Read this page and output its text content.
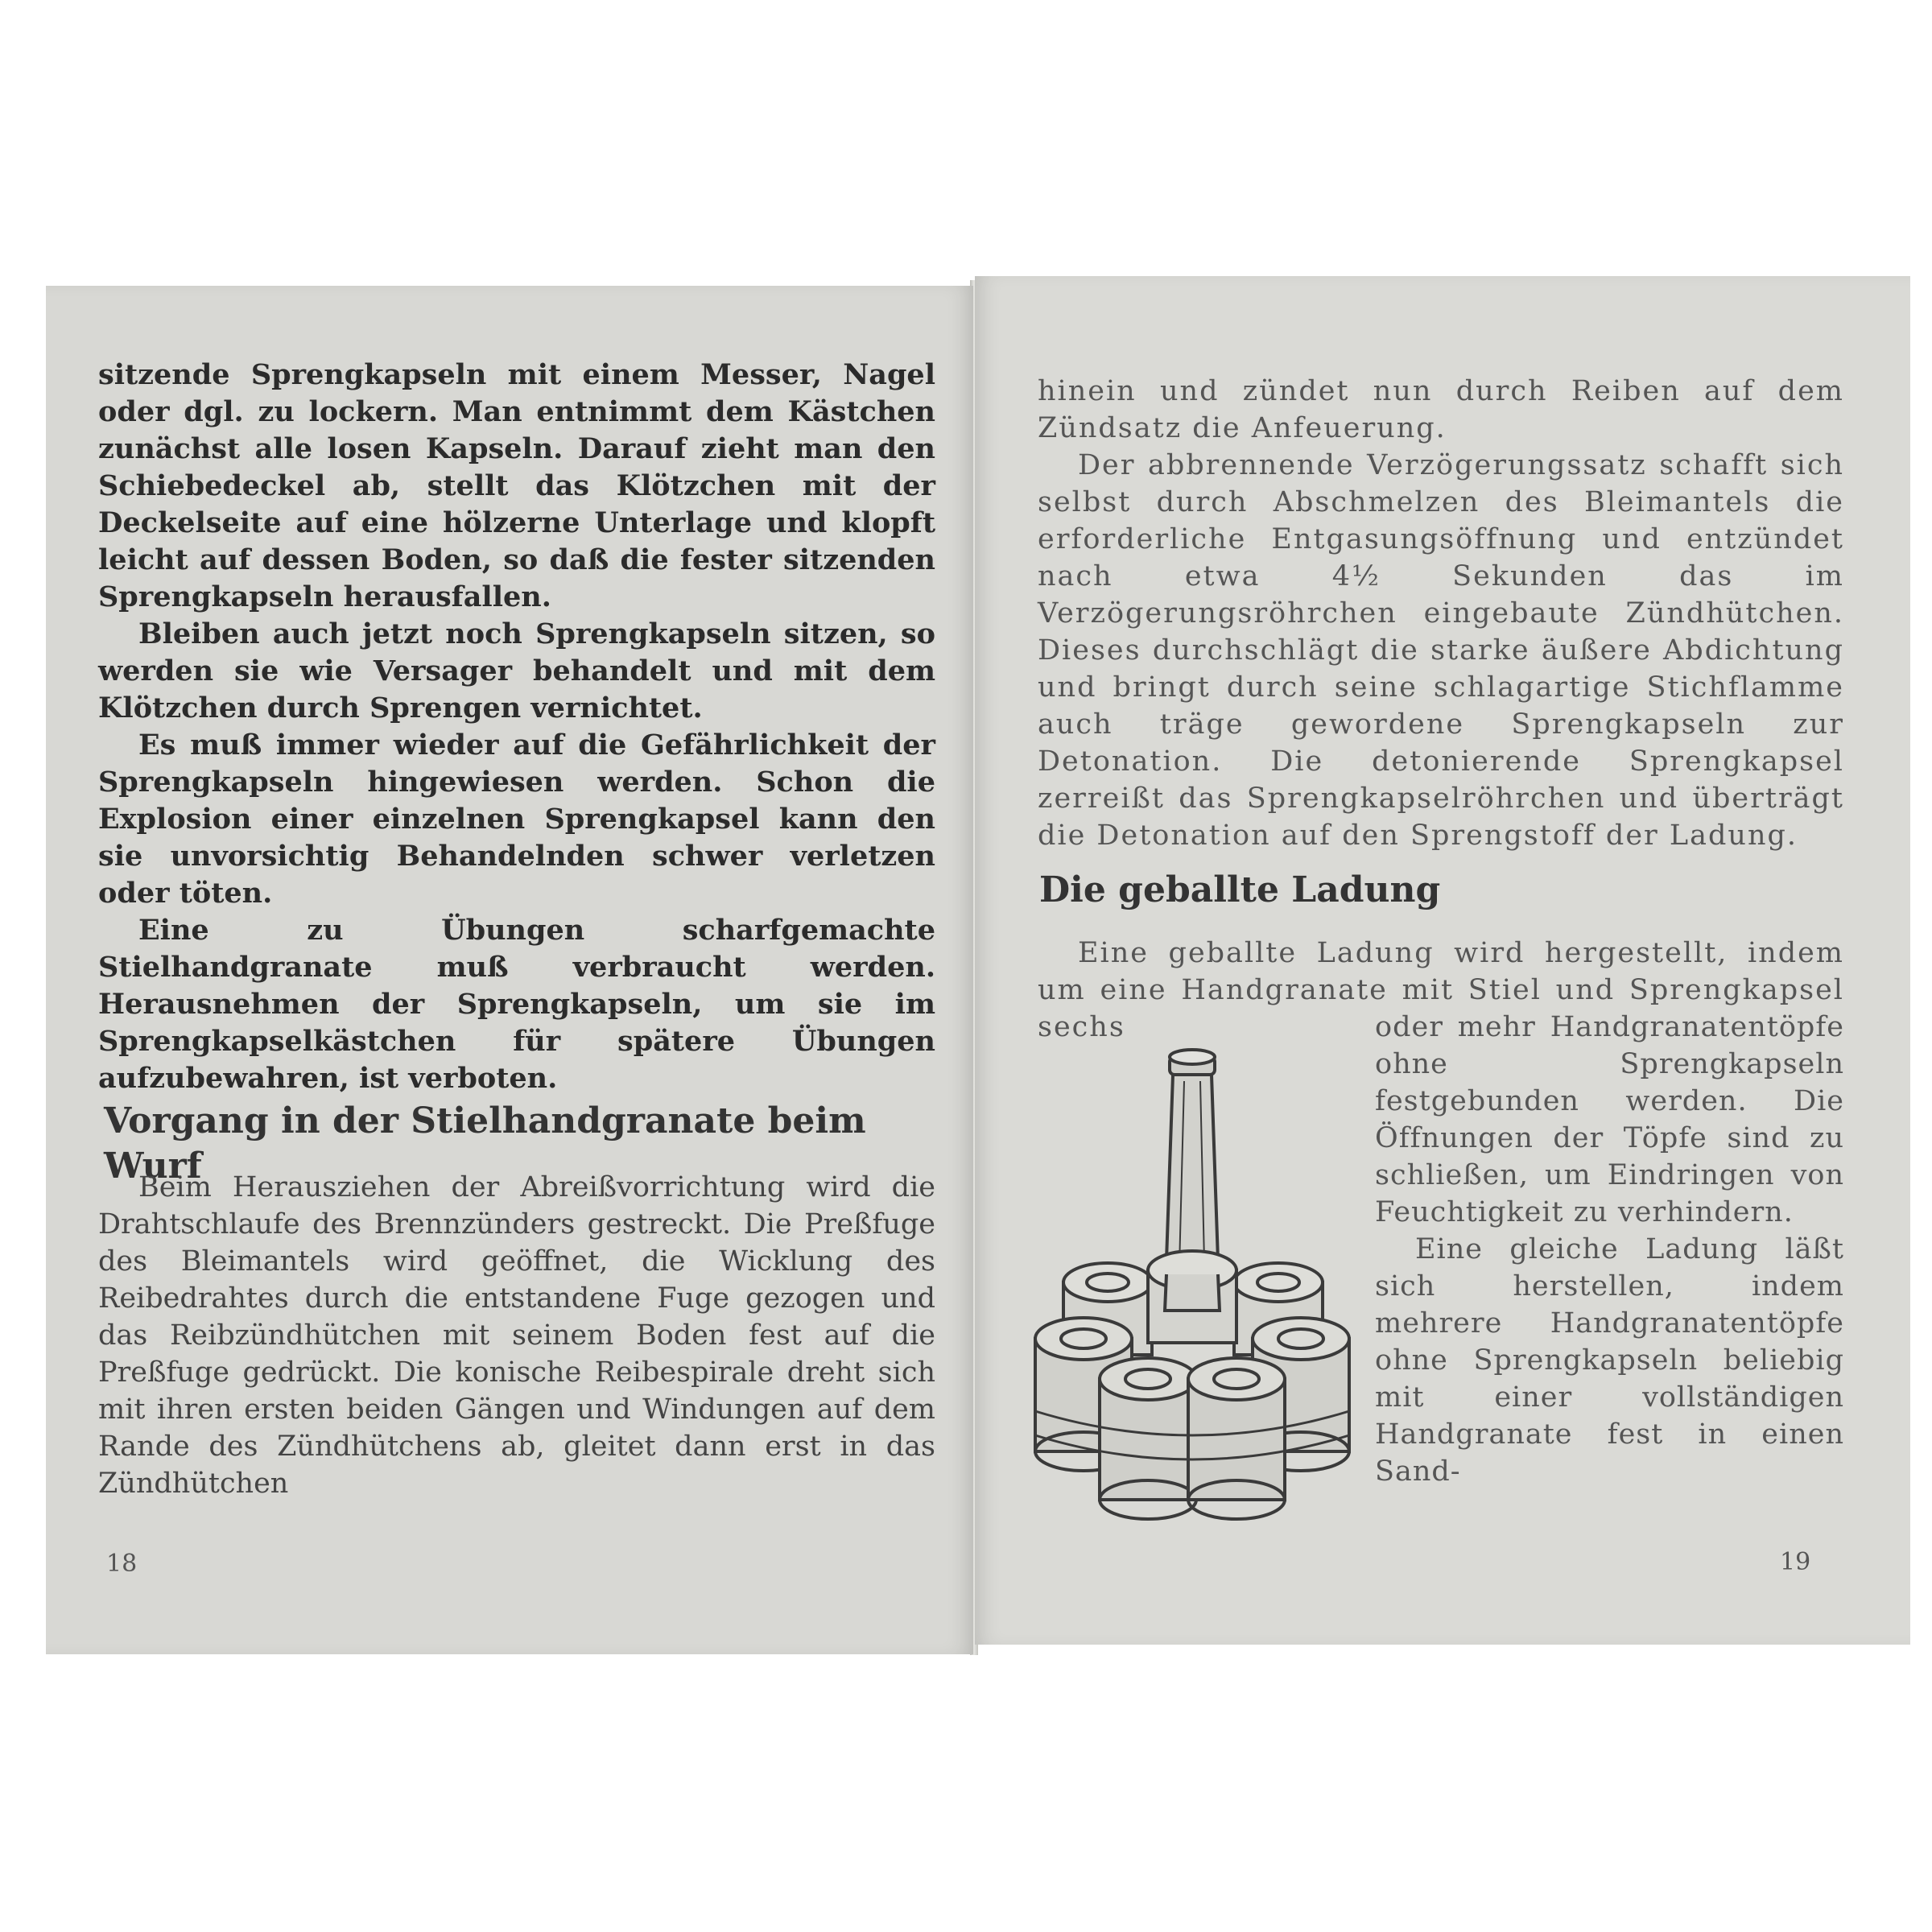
sitzende Sprengkapseln mit einem Messer, Nagel oder dgl. zu lockern. Man entnimmt dem Kästchen zunächst alle losen Kapseln. Darauf zieht man den Schiebedeckel ab, stellt das Klötzchen mit der Deckelseite auf eine hölzerne Unterlage und klopft leicht auf dessen Boden, so daß die fester sitzenden Sprengkapseln herausfallen.

Bleiben auch jetzt noch Sprengkapseln sitzen, so werden sie wie Versager behandelt und mit dem Klötzchen durch Sprengen vernichtet.

Es muß immer wieder auf die Gefährlichkeit der Sprengkapseln hingewiesen werden. Schon die Explosion einer einzelnen Sprengkapsel kann den sie unvorsichtig Behandelnden schwer verletzen oder töten.

Eine zu Übungen scharfgemachte Stielhandgranate muß verbraucht werden. Herausnehmen der Sprengkapseln, um sie im Sprengkapselkästchen für spätere Übungen aufzubewahren, ist verboten.

Vorgang in der Stielhandgranate beim Wurf

Beim Herausziehen der Abreißvorrichtung wird die Drahtschlaufe des Brennzünders gestreckt. Die Preßfuge des Bleimantels wird geöffnet, die Wicklung des Reibedrahtes durch die entstandene Fuge gezogen und das Reibzündhütchen mit seinem Boden fest auf die Preßfuge gedrückt. Die konische Reibespirale dreht sich mit ihren ersten beiden Gängen und Windungen auf dem Rande des Zündhütchens ab, gleitet dann erst in das Zündhütchen

18

hinein und zündet nun durch Reiben auf dem Zündsatz die Anfeuerung.

Der abbrennende Verzögerungssatz schafft sich selbst durch Abschmelzen des Bleimantels die erforderliche Entgasungsöffnung und entzündet nach etwa 4½ Sekunden das im Verzögerungsröhrchen eingebaute Zündhütchen. Dieses durchschlägt die starke äußere Abdichtung und bringt durch seine schlagartige Stichflamme auch träge gewordene Sprengkapseln zur Detonation. Die detonierende Sprengkapsel zerreißt das Sprengkapselröhrchen und überträgt die Detonation auf den Sprengstoff der Ladung.

Die geballte Ladung

Eine geballte Ladung wird hergestellt, indem um eine Handgranate mit Stiel und Sprengkapsel sechs	oder mehr Handgranatentöpfe ohne Sprengkapseln festgebunden werden. Die Öffnungen der Töpfe sind zu schließen, um Eindringen von Feuchtigkeit zu verhindern.

Eine gleiche Ladung läßt sich herstellen, indem mehrere Handgranatentöpfe ohne Sprengkapseln beliebig mit einer vollständigen Handgranate fest in einen Sand-

19
